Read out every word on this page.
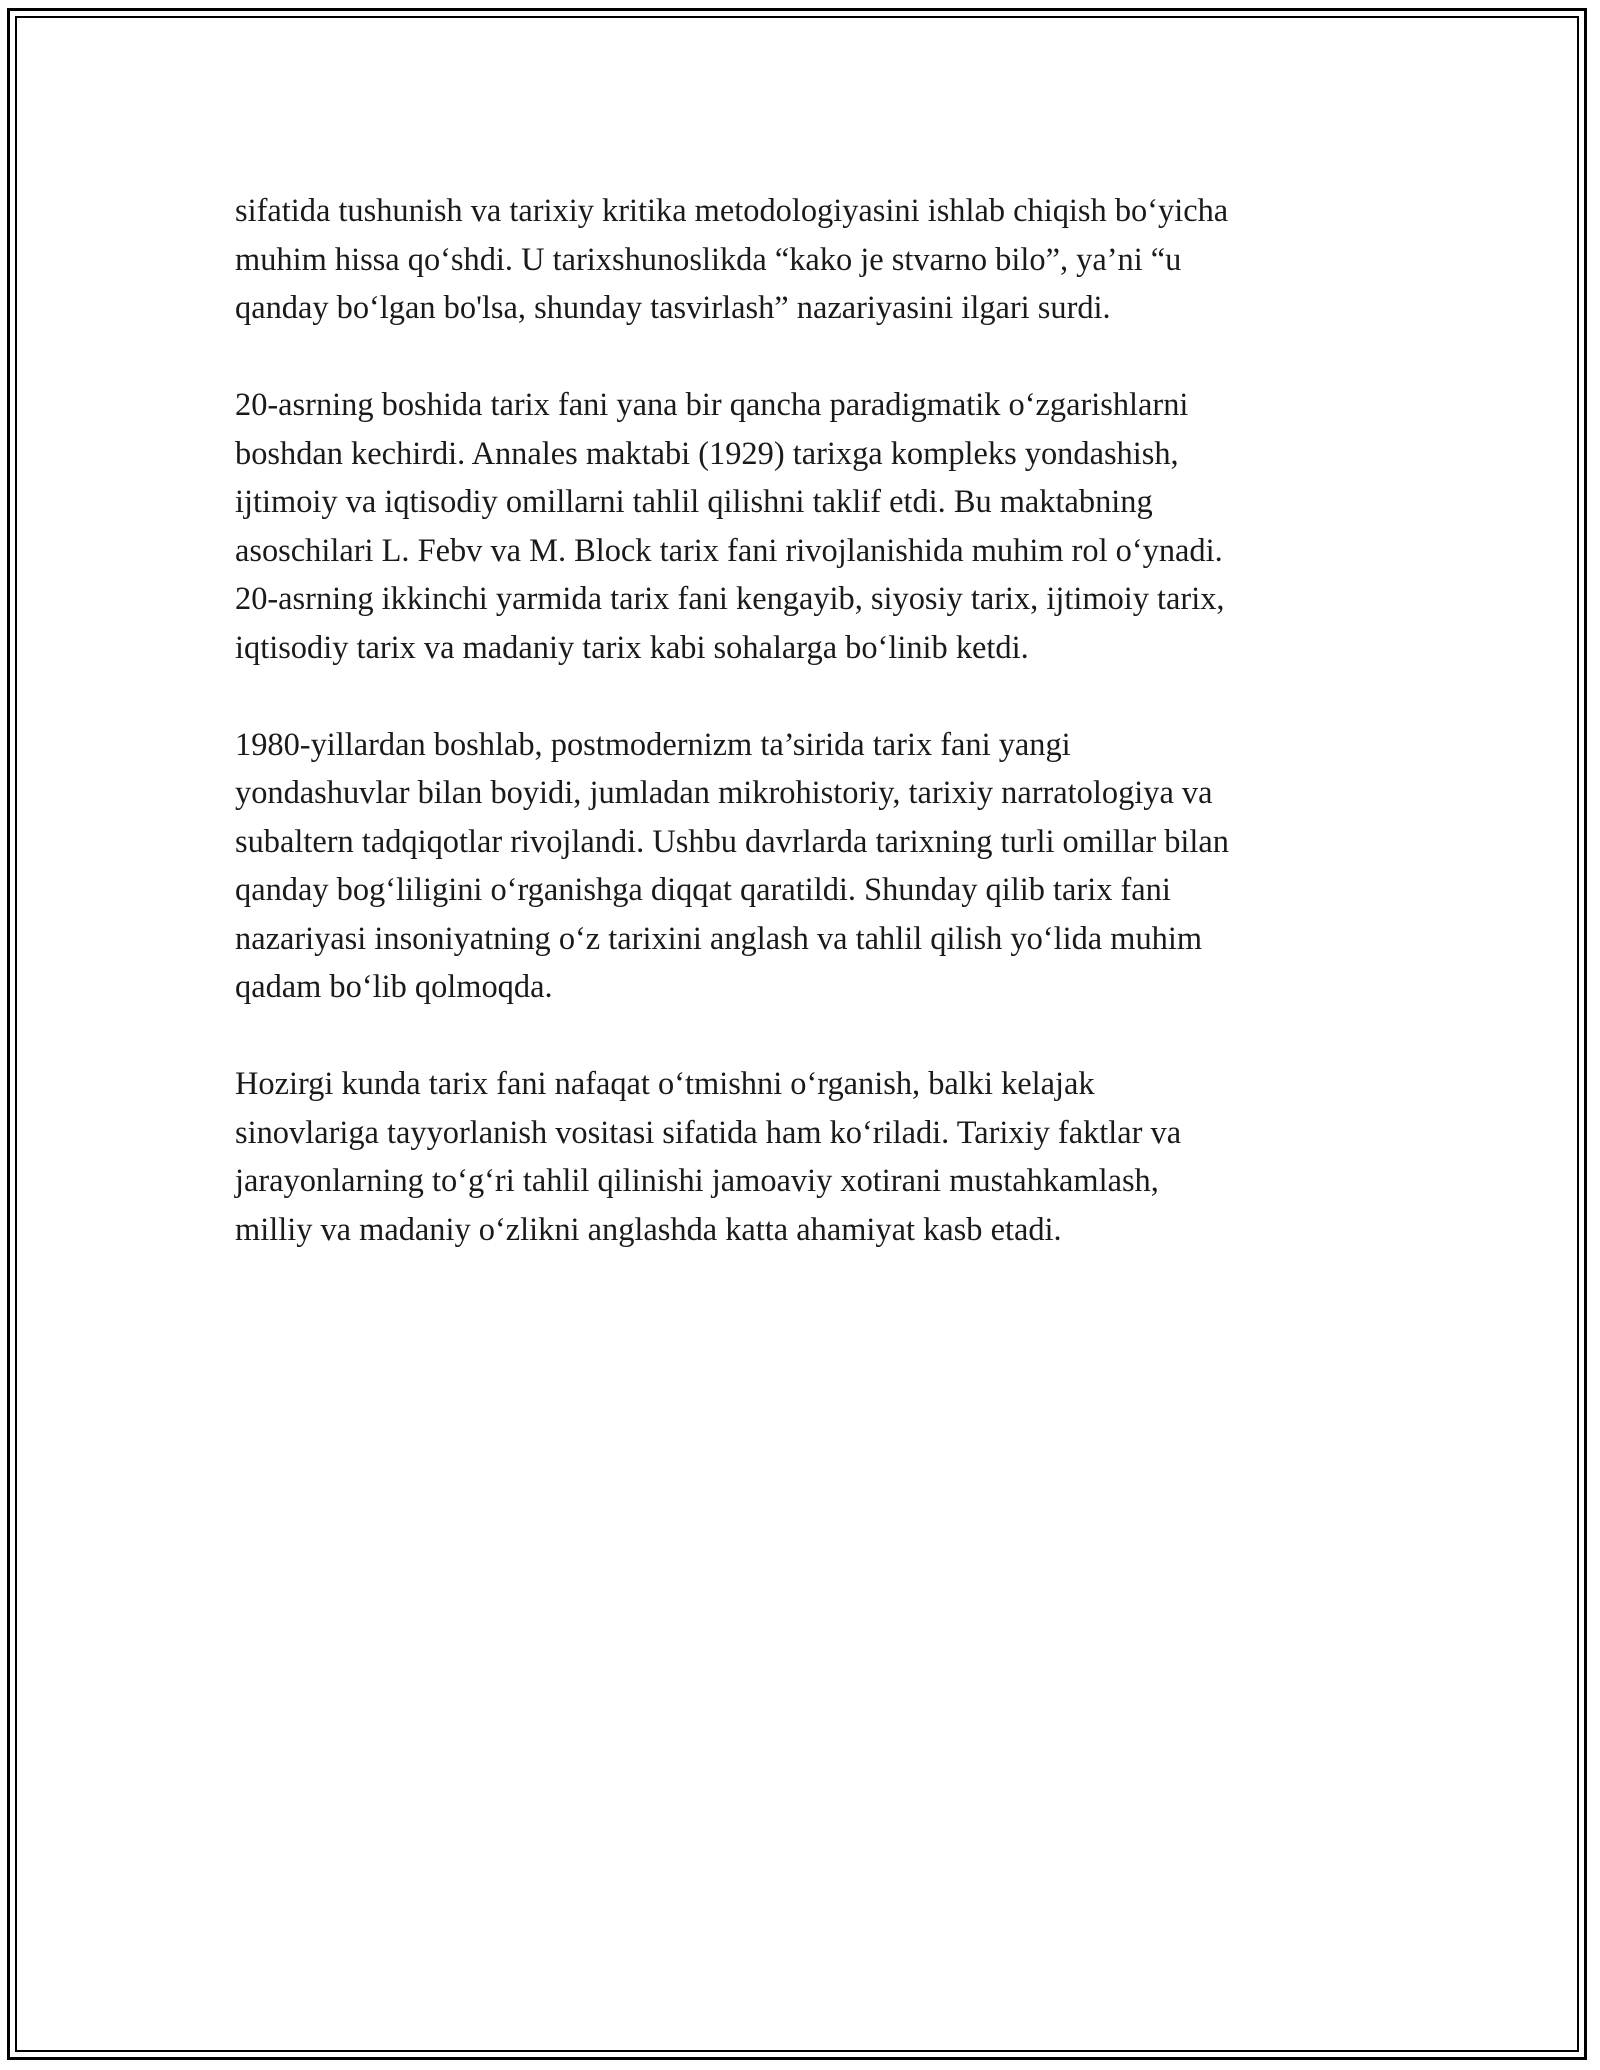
sifatida tushunish va tarixiy kritika metodologiyasini ishlab chiqish bo‘yicha
muhim hissa qo‘shdi. U tarixshunoslikda “kako je stvarno bilo”, ya’ni “u
qanday bo‘lgan bo'lsa, shunday tasvirlash” nazariyasini ilgari surdi.

20-asrning boshida tarix fani yana bir qancha paradigmatik o‘zgarishlarni
boshdan kechirdi. Annales maktabi (1929) tarixga kompleks yondashish,
ijtimoiy va iqtisodiy omillarni tahlil qilishni taklif etdi. Bu maktabning
asoschilari L. Febv va M. Block tarix fani rivojlanishida muhim rol o‘ynadi.
20-asrning ikkinchi yarmida tarix fani kengayib, siyosiy tarix, ijtimoiy tarix,
iqtisodiy tarix va madaniy tarix kabi sohalarga bo‘linib ketdi.

1980-yillardan boshlab, postmodernizm ta’sirida tarix fani yangi
yondashuvlar bilan boyidi, jumladan mikrohistoriy, tarixiy narratologiya va
subaltern tadqiqotlar rivojlandi. Ushbu davrlarda tarixning turli omillar bilan
qanday bog‘liligini o‘rganishga diqqat qaratildi. Shunday qilib tarix fani
nazariyasi insoniyatning o‘z tarixini anglash va tahlil qilish yo‘lida muhim
qadam bo‘lib qolmoqda.

Hozirgi kunda tarix fani nafaqat o‘tmishni o‘rganish, balki kelajak
sinovlariga tayyorlanish vositasi sifatida ham ko‘riladi. Tarixiy faktlar va
jarayonlarning to‘g‘ri tahlil qilinishi jamoaviy xotirani mustahkamlash,
milliy va madaniy o‘zlikni anglashda katta ahamiyat kasb etadi.
